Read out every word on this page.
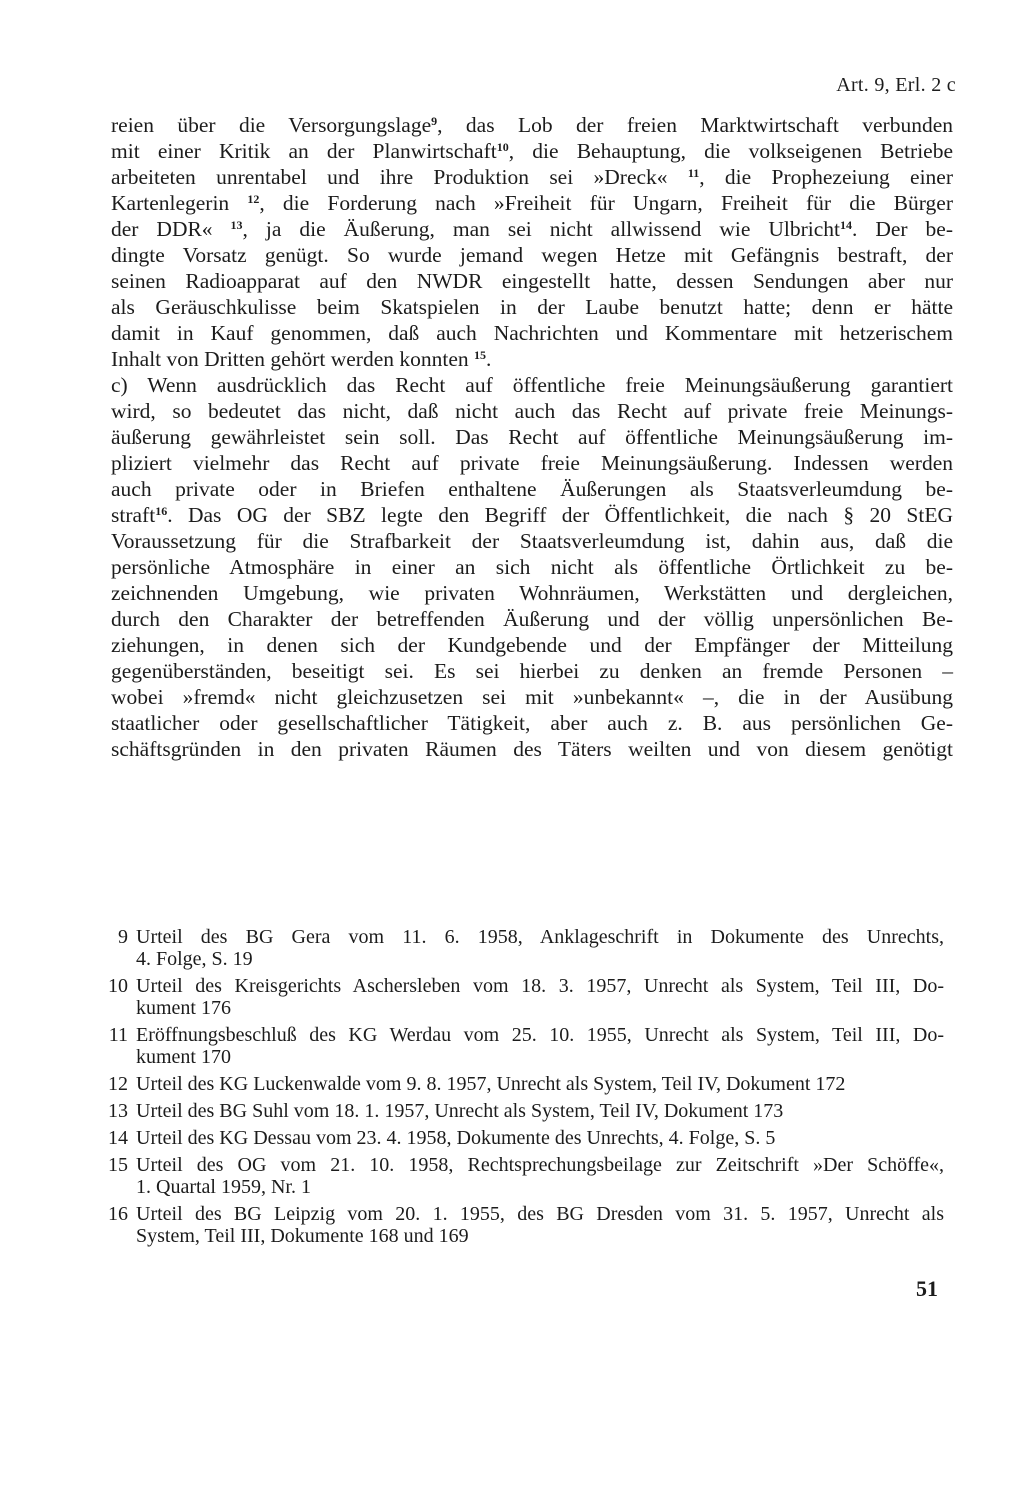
Art. 9, Erl. 2 c
reien über die Versorgungslage$^9$, das Lob der freien Marktwirtschaft verbunden
mit einer Kritik an der Planwirtschaft$^{10}$, die Behauptung, die volkseigenen Betriebe
arbeiteten unrentabel und ihre Produktion sei »Dreck« $^{11}$, die Prophezeiung einer
Kartenlegerin $^{12}$, die Forderung nach »Freiheit für Ungarn, Freiheit für die Bürger
der DDR« $^{13}$, ja die Äußerung, man sei nicht allwissend wie Ulbricht$^{14}$. Der be-
dingte Vorsatz genügt. So wurde jemand wegen Hetze mit Gefängnis bestraft, der
seinen Radioapparat auf den NWDR eingestellt hatte, dessen Sendungen aber nur
als Geräuschkulisse beim Skatspielen in der Laube benutzt hatte; denn er hätte
damit in Kauf genommen, daß auch Nachrichten und Kommentare mit hetzerischem
Inhalt von Dritten gehört werden konnten $^{15}$.
c) Wenn ausdrücklich das Recht auf öffentliche freie Meinungsäußerung garantiert
wird, so bedeutet das nicht, daß nicht auch das Recht auf private freie Meinungs-
äußerung gewährleistet sein soll. Das Recht auf öffentliche Meinungsäußerung im-
pliziert vielmehr das Recht auf private freie Meinungsäußerung. Indessen werden
auch private oder in Briefen enthaltene Äußerungen als Staatsverleumdung be-
straft$^{16}$. Das OG der SBZ legte den Begriff der Öffentlichkeit, die nach § 20 StEG
Voraussetzung für die Strafbarkeit der Staatsverleumdung ist, dahin aus, daß die
persönliche Atmosphäre in einer an sich nicht als öffentliche Örtlichkeit zu be-
zeichnenden Umgebung, wie privaten Wohnräumen, Werkstätten und dergleichen,
durch den Charakter der betreffenden Äußerung und der völlig unpersönlichen Be-
ziehungen, in denen sich der Kundgebende und der Empfänger der Mitteilung
gegenüberständen, beseitigt sei. Es sei hierbei zu denken an fremde Personen –
wobei »fremd« nicht gleichzusetzen sei mit »unbekannt« –, die in der Ausübung
staatlicher oder gesellschaftlicher Tätigkeit, aber auch z. B. aus persönlichen Ge-
schäftsgründen in den privaten Räumen des Täters weilten und von diesem genötigt
9 Urteil des BG Gera vom 11. 6. 1958, Anklageschrift in Dokumente des Unrechts,
4. Folge, S. 19
10 Urteil des Kreisgerichts Aschersleben vom 18. 3. 1957, Unrecht als System, Teil III, Do-
kument 176
11 Eröffnungsbeschluß des KG Werdau vom 25. 10. 1955, Unrecht als System, Teil III, Do-
kument 170
12 Urteil des KG Luckenwalde vom 9. 8. 1957, Unrecht als System, Teil IV, Dokument 172
13 Urteil des BG Suhl vom 18. 1. 1957, Unrecht als System, Teil IV, Dokument 173
14 Urteil des KG Dessau vom 23. 4. 1958, Dokumente des Unrechts, 4. Folge, S. 5
15 Urteil des OG vom 21. 10. 1958, Rechtsprechungsbeilage zur Zeitschrift »Der Schöffe«,
1. Quartal 1959, Nr. 1
16 Urteil des BG Leipzig vom 20. 1. 1955, des BG Dresden vom 31. 5. 1957, Unrecht als
System, Teil III, Dokumente 168 und 169
51
